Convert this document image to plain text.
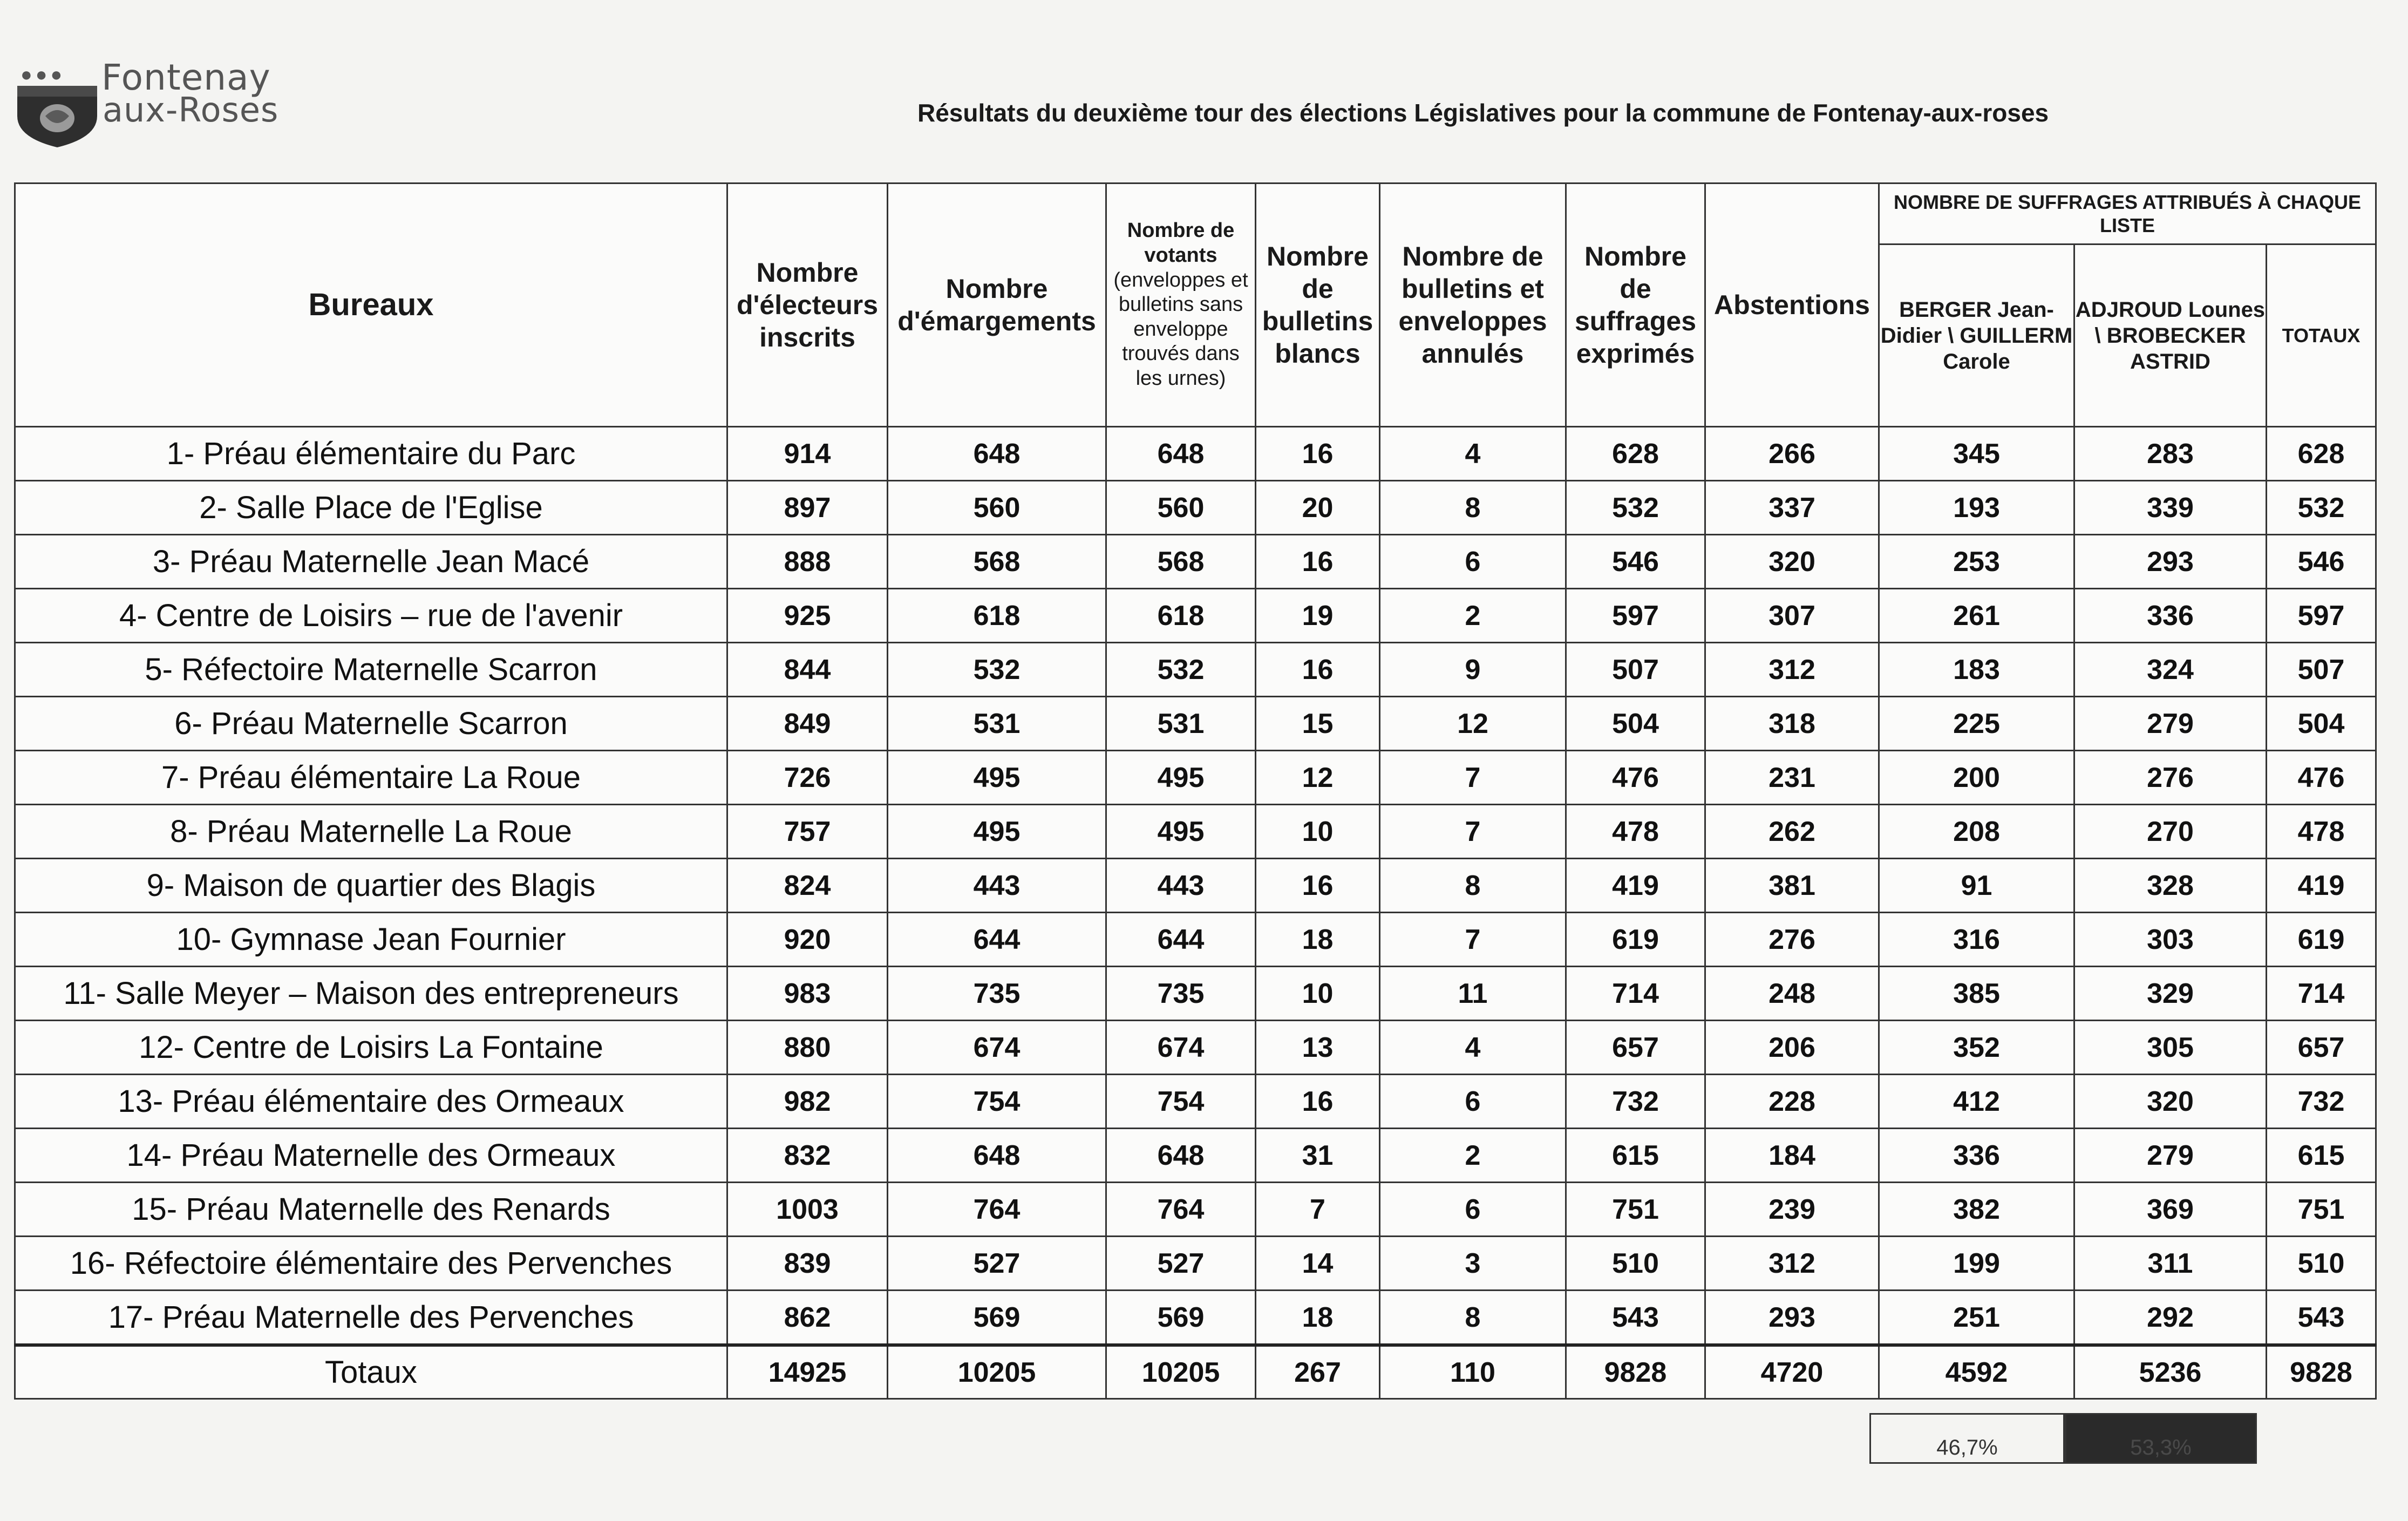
●●● Fontenay
aux-Roses	Résultats du deuxième tour des élections Législatives pour la commune de Fontenay-aux-roses
Bureaux	Nombre d'électeurs inscrits	Nombre d'émargements	Nombre de votants
(enveloppes et bulletins sans enveloppe trouvés dans les urnes)	Nombre de bulletins blancs	Nombre de bulletins et enveloppes annulés	Nombre de suffrages exprimés	Abstentions	NOMBRE DE SUFFRAGES ATTRIBUÉS À CHAQUE LISTE		
								BERGER Jean-Didier \ GUILLERM Carole	ADJROUD Lounes \ BROBECKER ASTRID	TOTAUX
1- Préau élémentaire du Parc	914	648	648	16	4	628	266	345	283	628
2- Salle Place de l'Eglise	897	560	560	20	8	532	337	193	339	532
3- Préau Maternelle Jean Macé	888	568	568	16	6	546	320	253	293	546
4- Centre de Loisirs – rue de l'avenir	925	618	618	19	2	597	307	261	336	597
5- Réfectoire Maternelle Scarron	844	532	532	16	9	507	312	183	324	507
6- Préau Maternelle Scarron	849	531	531	15	12	504	318	225	279	504
7- Préau élémentaire La Roue	726	495	495	12	7	476	231	200	276	476
8- Préau Maternelle La Roue	757	495	495	10	7	478	262	208	270	478
9- Maison de quartier des Blagis	824	443	443	16	8	419	381	91	328	419
10- Gymnase Jean Fournier	920	644	644	18	7	619	276	316	303	619
11- Salle Meyer – Maison des entrepreneurs	983	735	735	10	11	714	248	385	329	714
12- Centre de Loisirs La Fontaine	880	674	674	13	4	657	206	352	305	657
13- Préau élémentaire des Ormeaux	982	754	754	16	6	732	228	412	320	732
14- Préau Maternelle des Ormeaux	832	648	648	31	2	615	184	336	279	615
15- Préau Maternelle des Renards	1003	764	764	7	6	751	239	382	369	751
16- Réfectoire élémentaire des Pervenches	839	527	527	14	3	510	312	199	311	510
17- Préau Maternelle des Pervenches	862	569	569	18	8	543	293	251	292	543
Totaux	14925	10205	10205	267	110	9828	4720	4592	5236	9828
46,7%	53,3%
